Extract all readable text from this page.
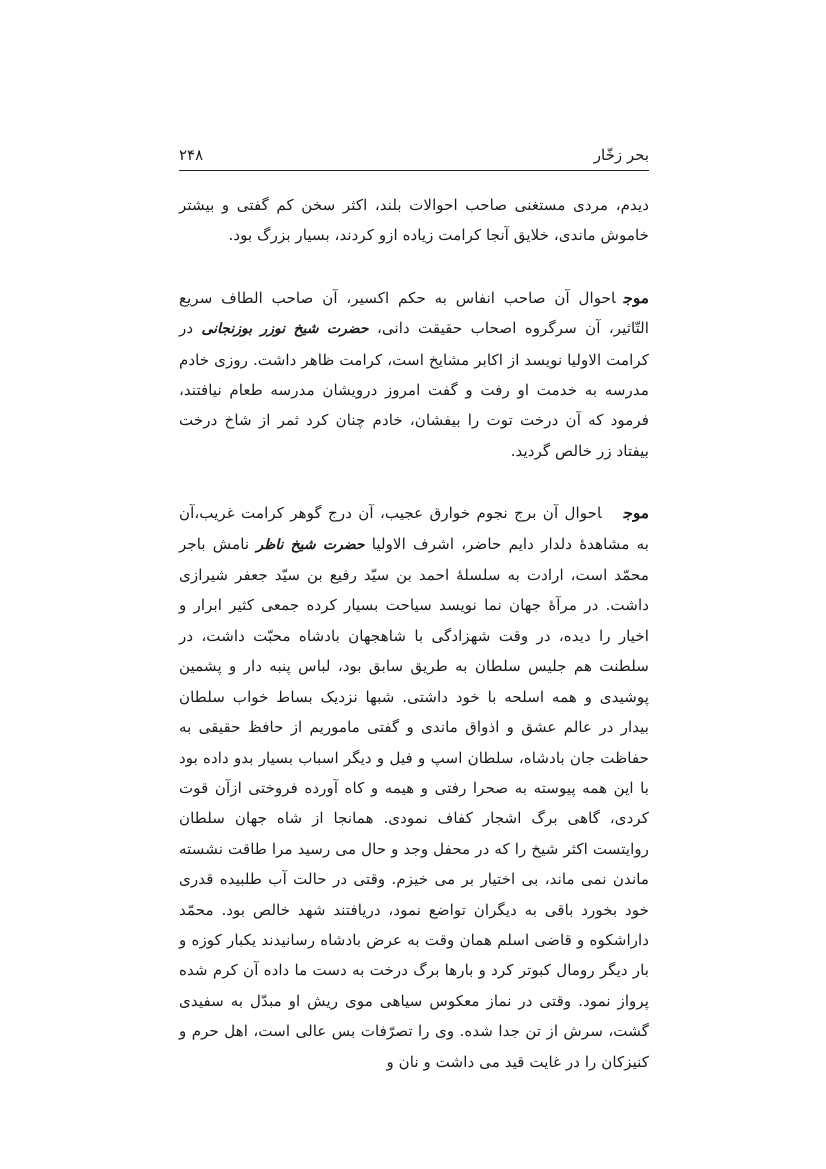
بحر زخّار
۲۴۸

دیدم، مردی مستغنی صاحب احوالات بلند، اکثر سخن کم گفتی و بیشتر خاموش ماندی، خلایق آنجا کرامت زیاده ازو کردند، بسیار بزرگ بود.

موجاحوال آن صاحب انفاس به حکم اکسیر، آن صاحب الطاف سریع التّاثیر، آن سرگروه اصحاب حقیقت دانی، حضرت شیخ نوزر بوزنجانی در کرامت الاولیا نویسد از اکابر مشایخ است، کرامت ظاهر داشت. روزی خادم مدرسه به خدمت او رفت و گفت امروز درویشان مدرسه طعام نیافتند، فرمود که آن درخت توت را بیفشان، خادم چنان کرد ثمر از شاخ درخت بیفتاد زر خالص گردید.

موجاحوال آن برج نجوم خوارق عجیب، آن درج گوهر کرامت غریب،آن به مشاهدۀ دلدار دایم حاضر، اشرف الاولیا حضرت شیخ ناظر نامش باجر محمّد است، ارادت به سلسلۀ احمد بن سیّد رفیع بن سیّد جعفر شیرازی داشت. در مرآۀ جهان نما نویسد سیاحت بسیار کرده جمعی کثیر ابرار و اخیار را دیده، در وقت شهزادگی با شاهجهان بادشاه محبّت داشت، در سلطنت هم جلیس سلطان به طریق سابق بود، لباس پنبه دار و پشمین پوشیدی و همه اسلحه با خود داشتی. شبها نزدیک بساط خواب سلطان بیدار در عالم عشق و اذواق ماندی و گفتی ماموریم از حافظ حقیقی به حفاظت جان بادشاه، سلطان اسپ و فیل و دیگر اسباب بسیار بدو داده بود با این همه پیوسته به صحرا رفتی و هیمه و کاه آورده فروختی ازآن قوت کردی، گاهی برگ اشجار کفاف نمودی. همانجا از شاه جهان سلطان روایتست اکثر شیخ را که در محفل وجد و حال می رسید مرا طاقت نشسته ماندن نمی ماند، بی اختیار بر می خیزم. وقتی در حالت آب طلبیده قدری خود بخورد باقی به دیگران تواضع نمود، دریافتند شهد خالص بود. محمّد داراشکوه و قاضی اسلم همان وقت به عرض بادشاه رسانیدند یکبار کوزه و بار دیگر رومال کبوتر کرد و بارها برگ درخت به دست ما داده آن کرم شده پرواز نمود. وقتی در نماز معکوس سیاهی موی ریش او مبدّل به سفیدی گشت، سرش از تن جدا شده. وی را تصرّفات بس عالی است، اهل حرم و کنیزکان را در غایت قید می داشت و نان و
